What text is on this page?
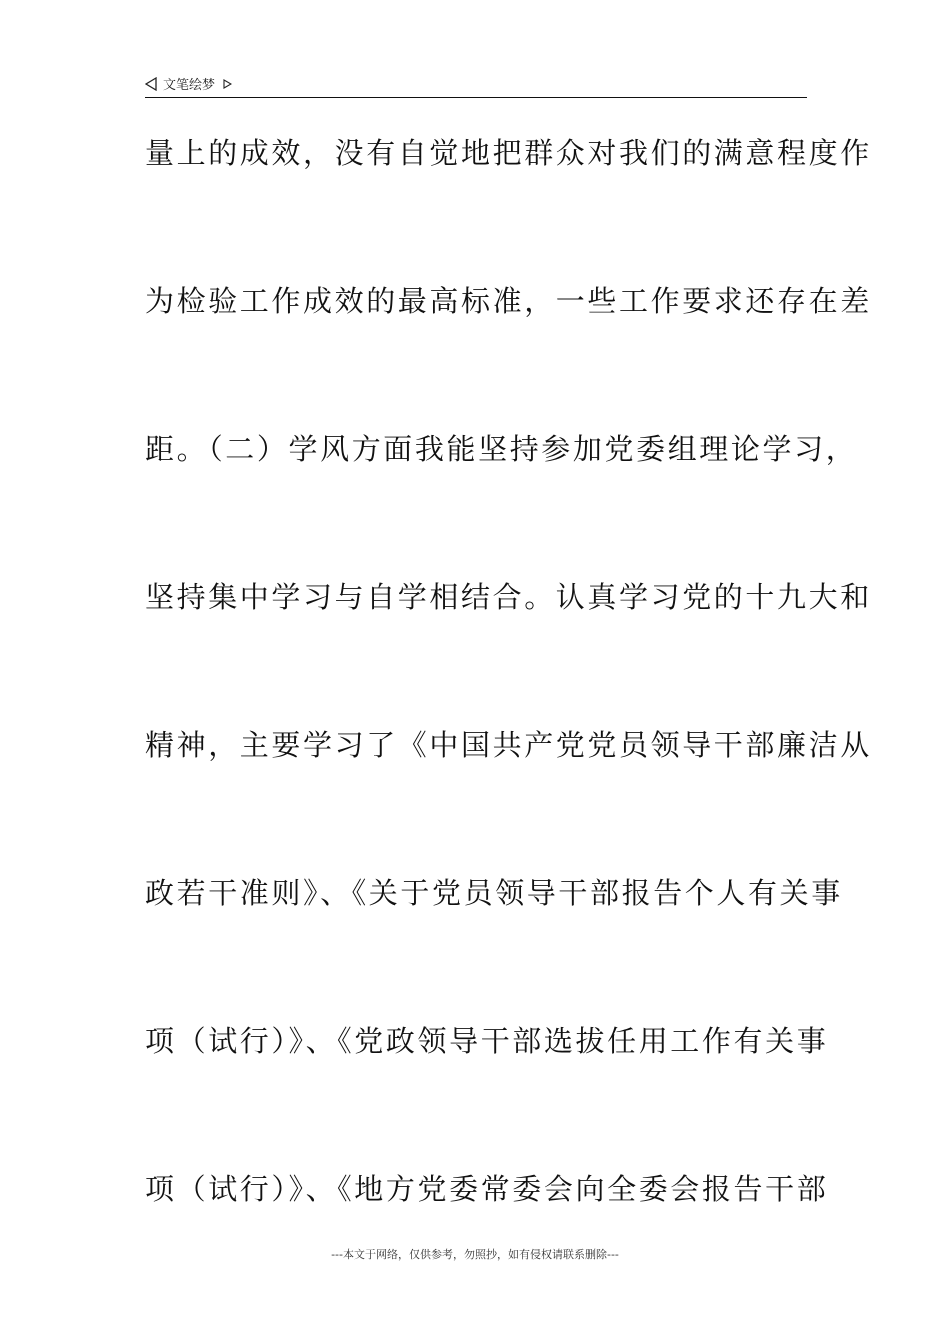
文笔绘梦
量上的成效，没有自觉地把群众对我们的满意程度作
为检验工作成效的最高标准，一些工作要求还存在差
距。（二）学风方面我能坚持参加党委组理论学习，
坚持集中学习与自学相结合。认真学习党的十九大和
精神，主要学习了《中国共产党党员领导干部廉洁从
政若干准则》、《关于党员领导干部报告个人有关事
项（试行）》、《党政领导干部选拔任用工作有关事
项（试行）》、《地方党委常委会向全委会报告干部
---本文于网络，仅供参考，勿照抄，如有侵权请联系删除---
